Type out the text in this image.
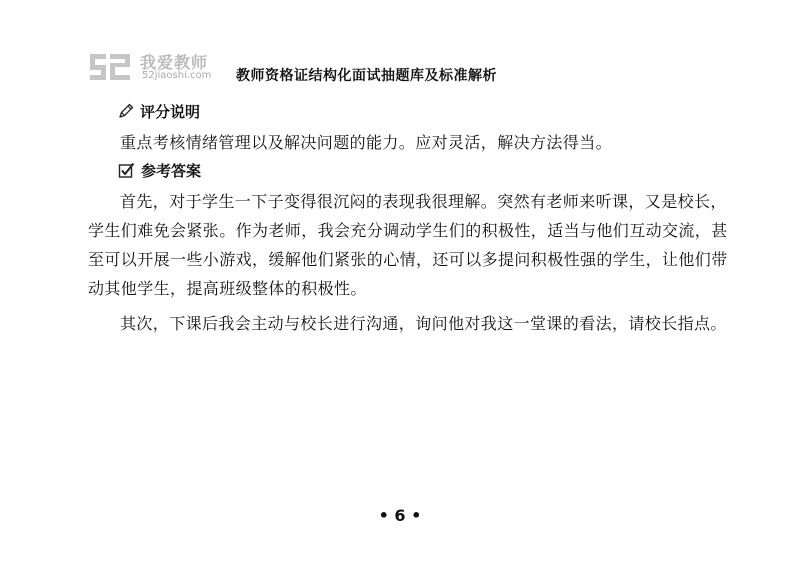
我爱教师
52jiaoshi.com 教师资格证结构化面试抽题库及标准解析
评分说明

重点考核情绪管理以及解决问题的能力。应对灵活，解决方法得当。

参考答案

首先，对于学生一下子变得很沉闷的表现我很理解。突然有老师来听课，又是校长，学生们难免会紧张。作为老师，我会充分调动学生们的积极性，适当与他们互动交流，甚至可以开展一些小游戏，缓解他们紧张的心情，还可以多提问积极性强的学生，让他们带动其他学生，提高班级整体的积极性。

其次，下课后我会主动与校长进行沟通，询问他对我这一堂课的看法，请校长指点。

• 6 •
